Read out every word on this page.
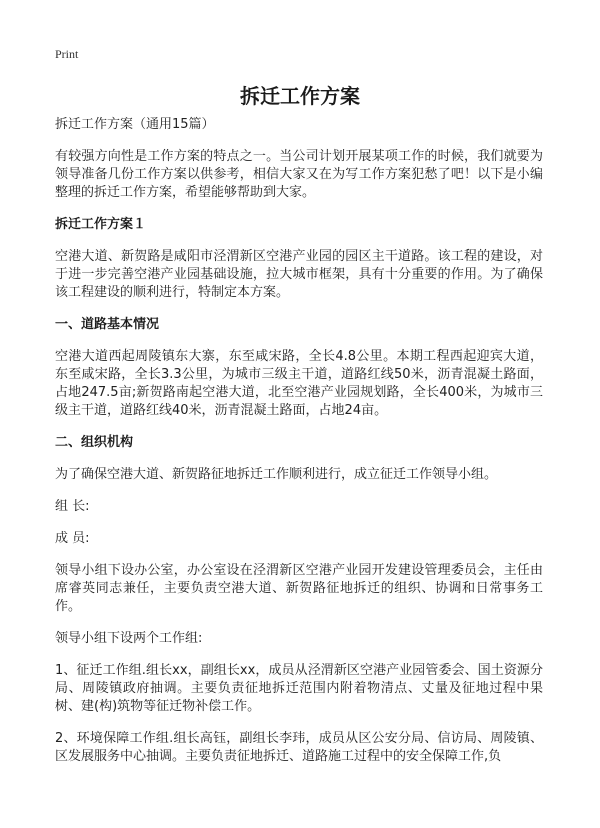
Print
拆迁工作方案

拆迁工作方案（通用15篇）

有较强方向性是工作方案的特点之一。当公司计划开展某项工作的时候，我们就要为领导准备几份工作方案以供参考，相信大家又在为写工作方案犯愁了吧！以下是小编整理的拆迁工作方案，希望能够帮助到大家。

拆迁工作方案１

空港大道、新贺路是咸阳市泾渭新区空港产业园的园区主干道路。该工程的建设，对于进一步完善空港产业园基础设施，拉大城市框架，具有十分重要的作用。为了确保该工程建设的顺利进行，特制定本方案。

一、道路基本情况

空港大道西起周陵镇东大寨，东至咸宋路，全长4.8公里。本期工程西起迎宾大道，东至咸宋路，全长3.3公里，为城市三级主干道，道路红线50米，沥青混凝土路面，占地247.5亩;新贺路南起空港大道，北至空港产业园规划路，全长400米，为城市三级主干道，道路红线40米，沥青混凝土路面，占地24亩。

二、组织机构

为了确保空港大道、新贺路征地拆迁工作顺利进行，成立征迁工作领导小组。

组 长:

成 员:

领导小组下设办公室，办公室设在泾渭新区空港产业园开发建设管理委员会，主任由席睿英同志兼任，主要负责空港大道、新贺路征地拆迁的组织、协调和日常事务工作。

领导小组下设两个工作组:

1、征迁工作组.组长xx，副组长xx，成员从泾渭新区空港产业园管委会、国土资源分局、周陵镇政府抽调。主要负责征地拆迁范围内附着物清点、丈量及征地过程中果树、建(构)筑物等征迁物补偿工作。

2、环境保障工作组.组长高钰，副组长李玮，成员从区公安分局、信访局、周陵镇、区发展服务中心抽调。主要负责征地拆迁、道路施工过程中的安全保障工作,负
